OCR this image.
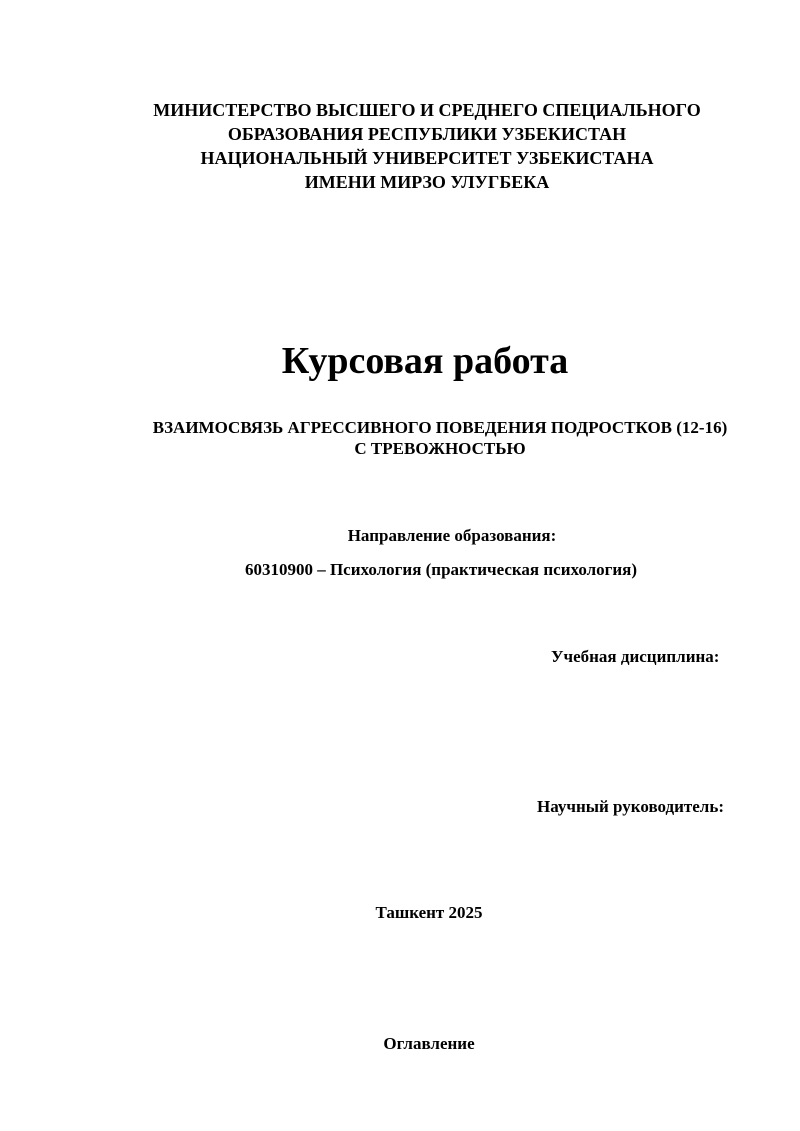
МИНИСТЕРСТВО ВЫСШЕГО И СРЕДНЕГО СПЕЦИАЛЬНОГО
ОБРАЗОВАНИЯ РЕСПУБЛИКИ УЗБЕКИСТАН
НАЦИОНАЛЬНЫЙ УНИВЕРСИТЕТ УЗБЕКИСТАНА
ИМЕНИ МИРЗО УЛУГБЕКА
Курсовая работа
ВЗАИМОСВЯЗЬ АГРЕССИВНОГО ПОВЕДЕНИЯ ПОДРОСТКОВ (12-16)
С ТРЕВОЖНОСТЬЮ
Направление образования:
60310900 – Психология (практическая психология)
Учебная дисциплина:
Научный руководитель:
Ташкент 2025
Оглавление
